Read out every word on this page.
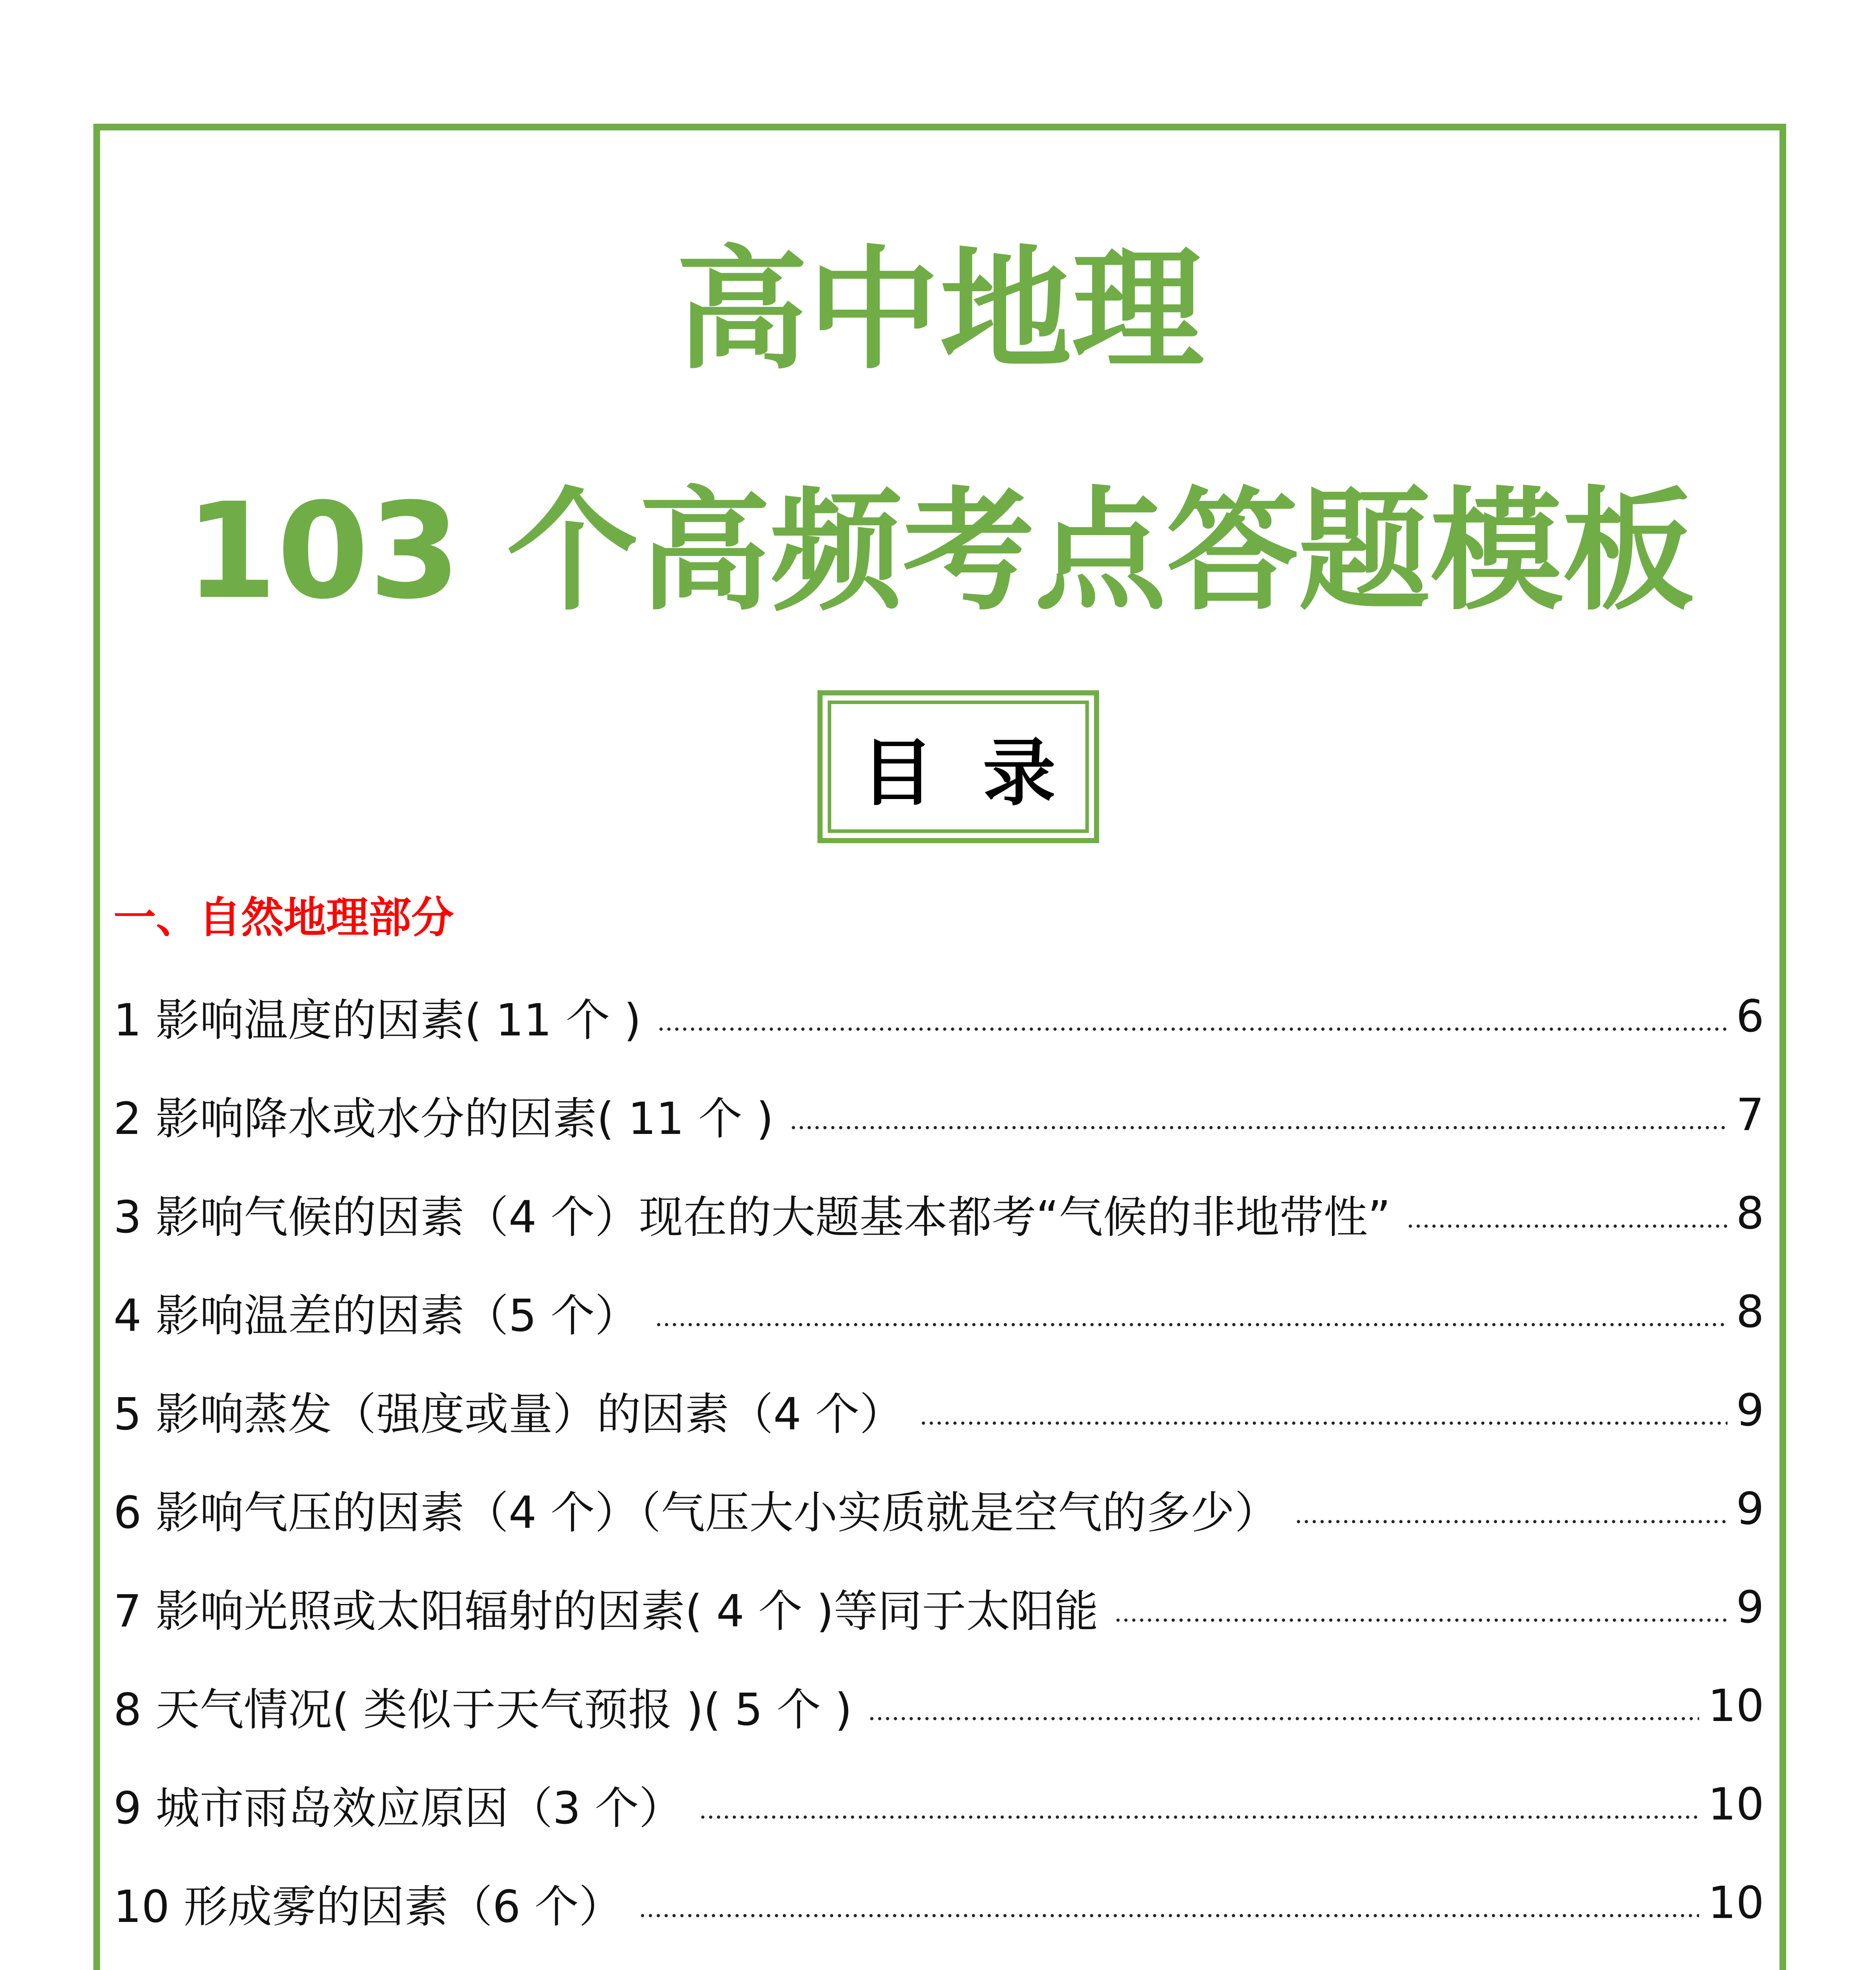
高中地理
103 个高频考点答题模板
目 录
一、自然地理部分
1 影响温度的因素( 11 个 )	6
2 影响降水或水分的因素( 11 个 )	7
3 影响气候的因素（4 个）现在的大题基本都考“气候的非地带性”	8
4 影响温差的因素（5 个）	8
5 影响蒸发（强度或量）的因素（4 个）	9
6 影响气压的因素（4 个）（气压大小实质就是空气的多少）	9
7 影响光照或太阳辐射的因素( 4 个 )等同于太阳能	9
8 天气情况( 类似于天气预报 )( 5 个 )	10
9 城市雨岛效应原因（3 个）	10
10 形成雾的因素（6 个）	10
